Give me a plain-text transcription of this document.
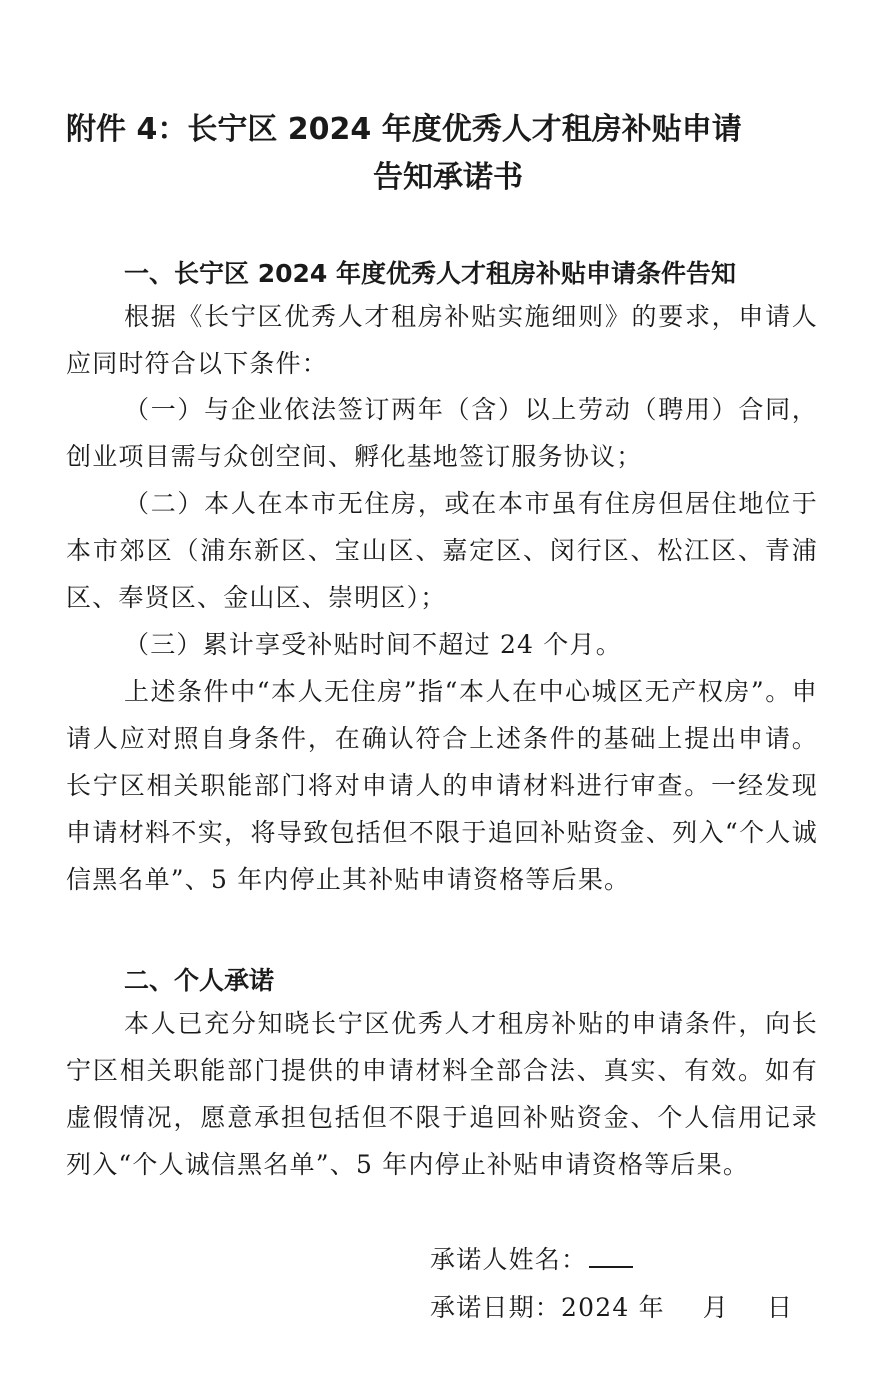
附件 4：长宁区 2024 年度优秀人才租房补贴申请
告知承诺书
一、长宁区 2024 年度优秀人才租房补贴申请条件告知

根据《长宁区优秀人才租房补贴实施细则》的要求，申请人应同时符合以下条件：

（一）与企业依法签订两年（含）以上劳动（聘用）合同，创业项目需与众创空间、孵化基地签订服务协议；

（二）本人在本市无住房，或在本市虽有住房但居住地位于本市郊区（浦东新区、宝山区、嘉定区、闵行区、松江区、青浦区、奉贤区、金山区、崇明区）；

（三）累计享受补贴时间不超过 24 个月。

上述条件中“本人无住房”指“本人在中心城区无产权房”。申请人应对照自身条件，在确认符合上述条件的基础上提出申请。长宁区相关职能部门将对申请人的申请材料进行审查。一经发现申请材料不实，将导致包括但不限于追回补贴资金、列入“个人诚信黑名单”、5 年内停止其补贴申请资格等后果。

二、个人承诺

本人已充分知晓长宁区优秀人才租房补贴的申请条件，向长宁区相关职能部门提供的申请材料全部合法、真实、有效。如有虚假情况，愿意承担包括但不限于追回补贴资金、个人信用记录列入“个人诚信黑名单”、5 年内停止补贴申请资格等后果。

承诺人姓名：
承诺日期：2024 年 月 日
